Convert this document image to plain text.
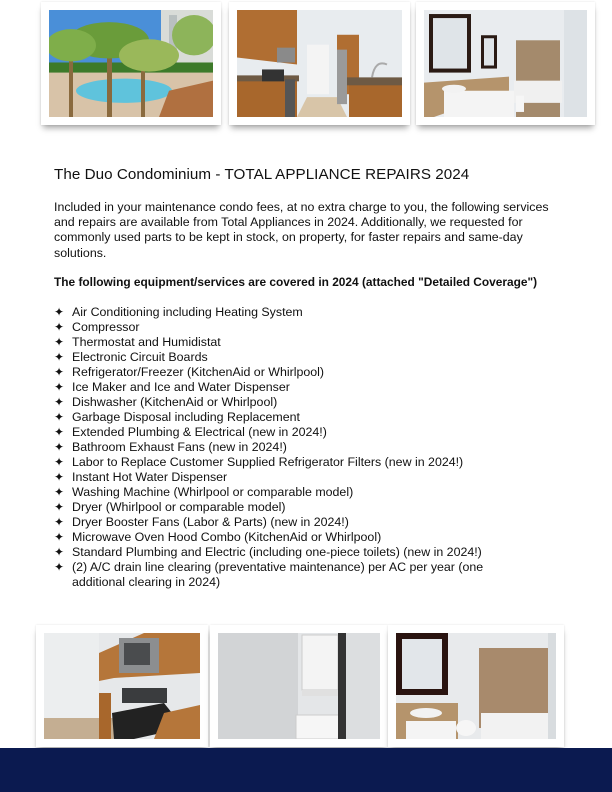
The Duo Condominium - TOTAL APPLIANCE REPAIRS 2024
Included in your maintenance condo fees, at no extra charge to you, the following services and repairs are available from Total Appliances in 2024. Additionally, we requested for commonly used parts to be kept in stock, on property, for faster repairs and same-day solutions.
The following equipment/services are covered in 2024 (attached "Detailed Coverage")
✦ Air Conditioning including Heating System
✦ Compressor
✦ Thermostat and Humidistat
✦ Electronic Circuit Boards
✦ Refrigerator/Freezer (KitchenAid or Whirlpool)
✦ Ice Maker and Ice and Water Dispenser
✦ Dishwasher (KitchenAid or Whirlpool)
✦ Garbage Disposal including Replacement
✦ Extended Plumbing & Electrical (new in 2024!)
✦ Bathroom Exhaust Fans (new in 2024!)
✦ Labor to Replace Customer Supplied Refrigerator Filters (new in 2024!)
✦ Instant Hot Water Dispenser
✦ Washing Machine (Whirlpool or comparable model)
✦ Dryer (Whirlpool or comparable model)
✦ Dryer Booster Fans (Labor & Parts) (new in 2024!)
✦ Microwave Oven Hood Combo (KitchenAid or Whirlpool)
✦ Standard Plumbing and Electric (including one-piece toilets) (new in 2024!)
✦ (2) A/C drain line clearing (preventative maintenance) per AC per year (one additional clearing in 2024)
